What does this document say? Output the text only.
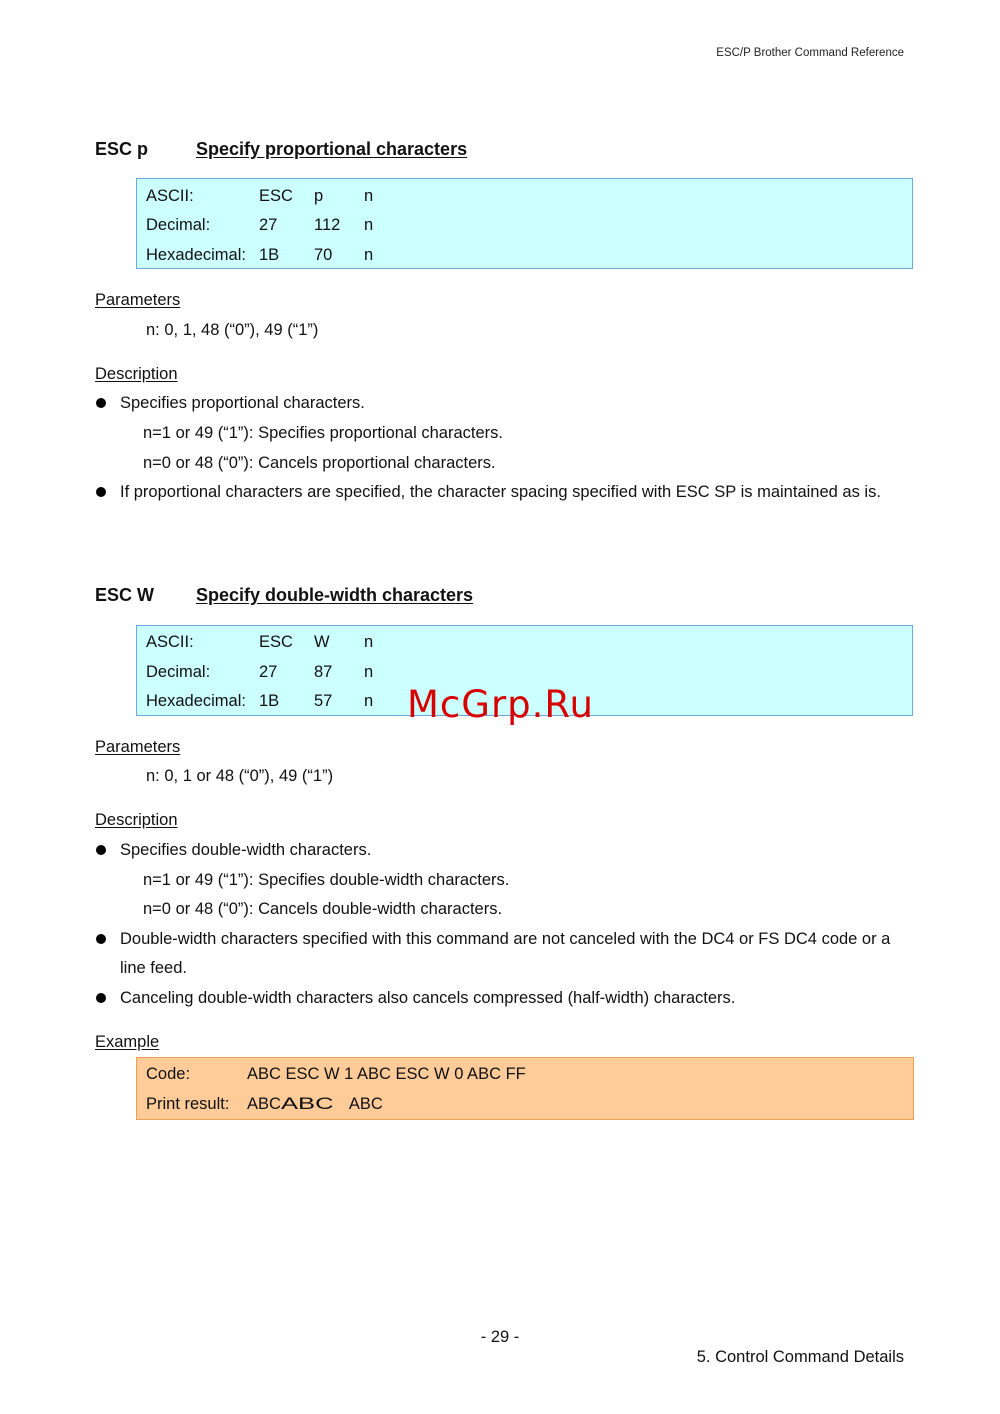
ESC/P Brother Command Reference
ESC p	Specify proportional characters
ASCII:	ESC p n
Decimal:	27 112 n
Hexadecimal: 1B 70 n
Parameters
n: 0, 1, 48 (“0”), 49 (“1”)
Description
Specifies proportional characters.
n=1 or 49 (“1”): Specifies proportional characters.
n=0 or 48 (“0”): Cancels proportional characters.
If proportional characters are specified, the character spacing specified with ESC SP is maintained as is.
ESC W Specify double-width characters
ASCII:	ESC W n
Decimal:	27 87 n
Hexadecimal: 1B 57 n McGrp.Ru
Parameters
n: 0, 1 or 48 (“0”), 49 (“1”)
Description
Specifies double-width characters.
n=1 or 49 (“1”): Specifies double-width characters.
n=0 or 48 (“0”): Cancels double-width characters.
Double-width characters specified with this command are not canceled with the DC4 or FS DC4 code or a
line feed.
Canceling double-width characters also cancels compressed (half-width) characters.
Example
Code:	ABC ESC W 1 ABC ESC W 0 ABC FF
Print result: ABCABC ABC
- 29 -
5. Control Command Details
